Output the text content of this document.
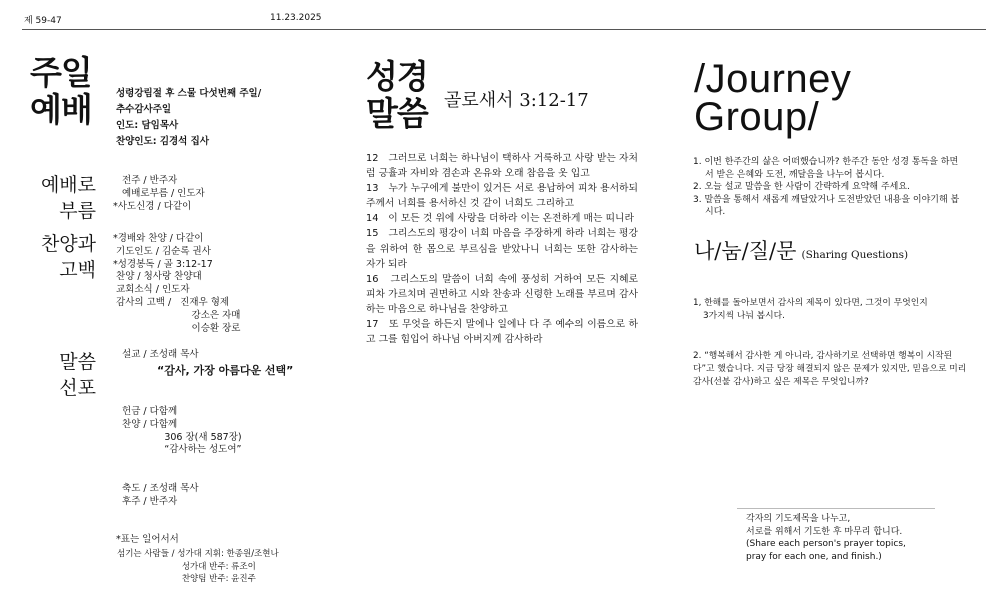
제 59-47	11.23.2025
주일
예배	성령강림절 후 스물 다섯번째 주일/
추수감사주일
인도: 담임목사
찬양인도: 김경석 집사
예배로
부름
전주 / 반주자
예배로부름 / 인도자
*사도신경 / 다같이
찬양과
고백
*경배와 찬양 / 다같이
기도인도 / 김순록 권사
*성경봉독 / 골 3:12-17
찬양 / 청사랑 찬양대
교회소식 / 인도자
감사의 고백 /   진재우 형제
강소은 자매
이승환 장로
말씀
선포
설교 / 조성래 목사
“감사, 가장 아름다운 선택”
헌금 / 다함께
찬양 / 다함께
306 장(새 587장)
“감사하는 성도여”

축도 / 조성래 목사
후주 / 반주자

*표는 일어서서
섬기는 사람들 / 성가대 지휘: 한종원/조현나
성가대 반주: 류조이
찬양팀 반주: 윤진주
성경
말씀 골로새서 3:12-17

12　그러므로 너희는 하나님이 택하사 거룩하고 사랑 받는 자처럼 긍휼과 자비와 겸손과 온유와 오래 참음을 옷 입고

13　누가 누구에게 불만이 있거든 서로 용납하여 피차 용서하되 주께서 너희를 용서하신 것 같이 너희도 그리하고

14　이 모든 것 위에 사랑을 더하라 이는 온전하게 매는 띠니라

15　그리스도의 평강이 너희 마음을 주장하게 하라 너희는 평강을 위하여 한 몸으로 부르심을 받았나니 너희는 또한 감사하는 자가 되라

16　그리스도의 말씀이 너희 속에 풍성히 거하여 모든 지혜로 피차 가르치며 권면하고 시와 찬송과 신령한 노래를 부르며 감사하는 마음으로 하나님을 찬양하고

17　또 무엇을 하든지 말에나 일에나 다 주 예수의 이름으로 하고 그를 힘입어 하나님 아버지께 감사하라

/Journey
Group/
1. 이번 한주간의 삶은 어떠했습니까? 한주간 동안 성경 통독을 하면서 받은 은혜와 도전, 깨달음을 나누어 봅시다.
2. 오늘 설교 말씀을 한 사람이 간략하게 요약해 주세요.
3. 말씀을 통해서 새롭게 깨달았거나 도전받았던 내용을 이야기해 봅시다.
나/눔/질/문 (Sharing Questions)
1, 한해를 돌아보면서 감사의 제목이 있다면, 그것이 무엇인지
3가지씩 나눠 봅시다.
2. “행복해서 감사한 게 아니라, 감사하기로 선택하면 행복이 시작된다”고 했습니다. 지금 당장 해결되지 않은 문제가 있지만, 믿음으로 미리 감사(선불 감사)하고 싶은 제목은 무엇입니까?
각자의 기도제목을 나누고,
서로를 위해서 기도한 후 마무리 합니다.
(Share each person's prayer topics,
pray for each one, and finish.)
